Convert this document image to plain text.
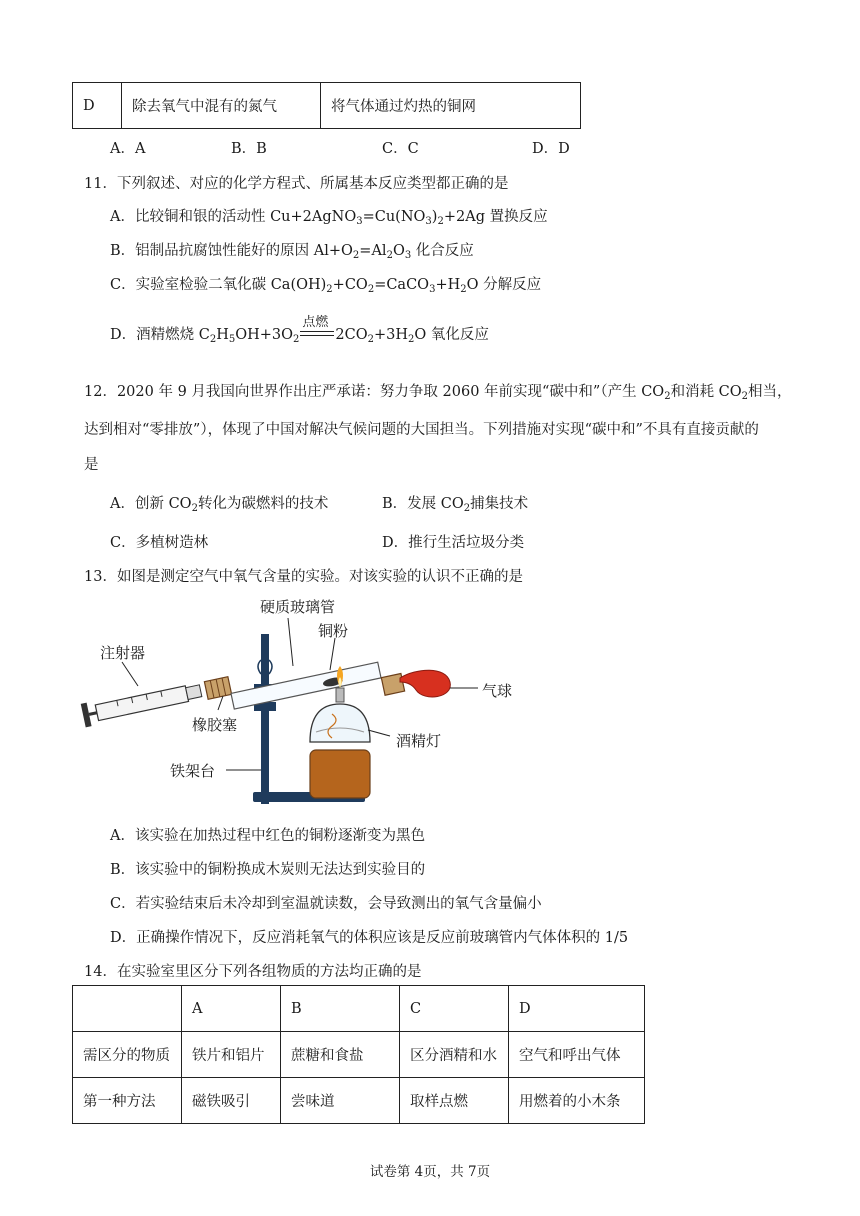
D	除去氧气中混有的氮气	将气体通过灼热的铜网
A．A	B．B	C．C	D．D
11．下列叙述、对应的化学方程式、所属基本反应类型都正确的是
A．比较铜和银的活动性 $Cu+2AgNO_3=Cu(NO_3)_2+2Ag$ 置换反应
B．铝制品抗腐蚀性能好的原因 $Al+O_2=Al_2O_3$ 化合反应
C．实验室检验二氧化碳 $Ca(OH)_2+CO_2=CaCO_3+H_2O$ 分解反应
D．酒精燃烧 $C_2H_5OH+3O_2$
点燃
$2CO_2+3H_2O$ 氧化反应
12．2020 年 9 月我国向世界作出庄严承诺：努力争取 2060 年前实现“碳中和”（产生 $CO_2$和消耗 $CO_2$相当，
达到相对“零排放”），体现了中国对解决气候问题的大国担当。下列措施对实现“碳中和”不具有直接贡献的
是
A．创新 $CO_2$转化为碳燃料的技术	B．发展 $CO_2$捕集技术
C．多植树造林	D．推行生活垃圾分类
13．如图是测定空气中氧气含量的实验。对该实验的认识不正确的是
硬质玻璃管
铜粉
注射器
气球
橡胶塞
酒精灯
铁架台
A．该实验在加热过程中红色的铜粉逐渐变为黑色
B．该实验中的铜粉换成木炭则无法达到实验目的
C．若实验结束后未冷却到室温就读数，会导致测出的氧气含量偏小
D．正确操作情况下，反应消耗氧气的体积应该是反应前玻璃管内气体体积的 1/5
14．在实验室里区分下列各组物质的方法均正确的是
	A	B	C	D
需区分的物质	铁片和铝片	蔗糖和食盐	区分酒精和水	空气和呼出气体
第一种方法	磁铁吸引	尝味道	取样点燃	用燃着的小木条
试卷第 4页，共 7页
